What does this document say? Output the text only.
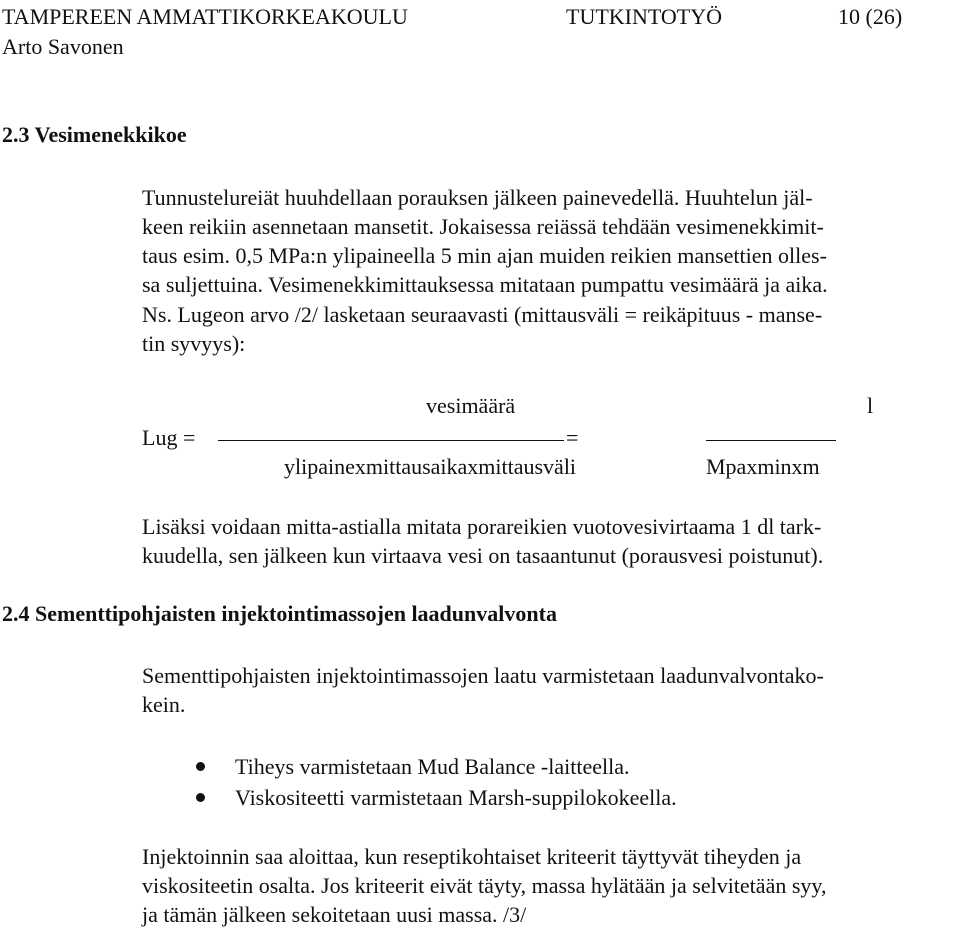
TAMPEREEN AMMATTIKORKEAKOULU	TUTKINTOTYÖ	10 (26)
Arto Savonen
2.3 Vesimenekkikoe
Tunnustelureiät huuhdellaan porauksen jälkeen painevedellä. Huuhtelun jäl-
keen reikiin asennetaan mansetit. Jokaisessa reiässä tehdään vesimenekkimit-
taus esim. 0,5 MPa:n ylipaineella 5 min ajan muiden reikien mansettien olles-
sa suljettuina. Vesimenekkimittauksessa mitataan pumpattu vesimäärä ja aika.
Ns. Lugeon arvo /2/ lasketaan seuraavasti (mittausväli = reikäpituus - manse-
tin syvyys):
vesimäärä	l
Lug =	=
ylipainexmittausaikaxmittausväli	Mpaxminxm
Lisäksi voidaan mitta-astialla mitata porareikien vuotovesivirtaama 1 dl tark-
kuudella, sen jälkeen kun virtaava vesi on tasaantunut (porausvesi poistunut).
2.4 Sementtipohjaisten injektointimassojen laadunvalvonta
Sementtipohjaisten injektointimassojen laatu varmistetaan laadunvalvontako-
kein.
Tiheys varmistetaan Mud Balance -laitteella.
Viskositeetti varmistetaan Marsh-suppilokokeella.
Injektoinnin saa aloittaa, kun reseptikohtaiset kriteerit täyttyvät tiheyden ja
viskositeetin osalta. Jos kriteerit eivät täyty, massa hylätään ja selvitetään syy,
ja tämän jälkeen sekoitetaan uusi massa. /3/
